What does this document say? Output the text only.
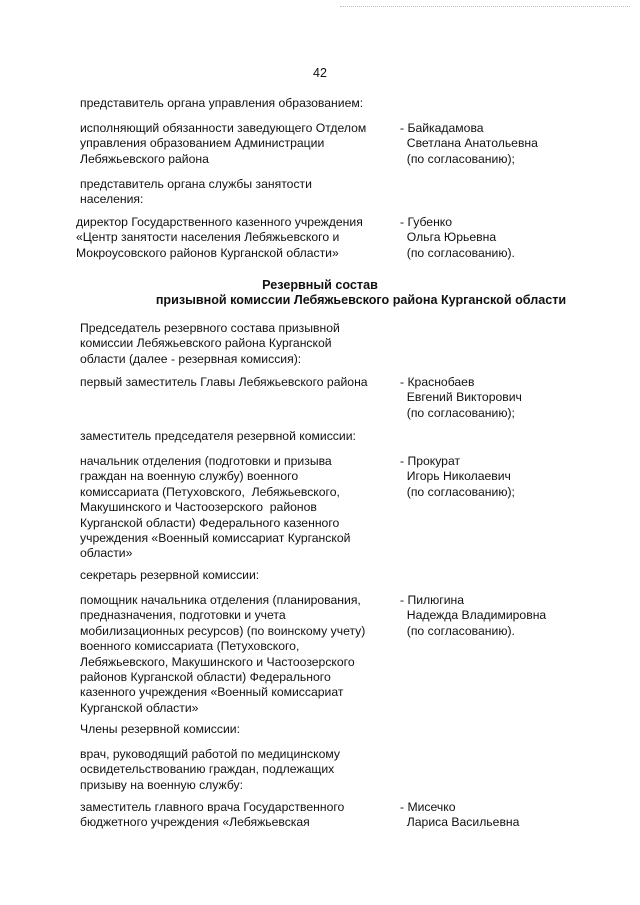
42
представитель органа управления образованием:
исполняющий обязанности заведующего Отделом
управления образованием Администрации
Лебяжьевского района
- Байкадамова
Светлана Анатольевна
(по согласованию);
представитель органа службы занятости
населения:
директор Государственного казенного учреждения
«Центр занятости населения Лебяжьевского и
Мокроусовского районов Курганской области»
- Губенко
Ольга Юрьевна
(по согласованию).
Резервный состав
призывной комиссии Лебяжьевского района Курганской области
Председатель резервного состава призывной
комиссии Лебяжьевского района Курганской
области (далее - резервная комиссия):
первый заместитель Главы Лебяжьевского района	- Краснобаев
Евгений Викторович
(по согласованию);
заместитель председателя резервной комиссии:
начальник отделения (подготовки и призыва
граждан на военную службу) военного
комиссариата (Петуховского,  Лебяжьевского,
Макушинского и Частоозерского  районов
Курганской области) Федерального казенного
учреждения «Военный комиссариат Курганской
области»
- Прокурат
Игорь Николаевич
(по согласованию);
секретарь резервной комиссии:
помощник начальника отделения (планирования,
предназначения, подготовки и учета
мобилизационных ресурсов) (по воинскому учету)
военного комиссариата (Петуховского,
Лебяжьевского, Макушинского и Частоозерского
районов Курганской области) Федерального
казенного учреждения «Военный комиссариат
Курганской области»
- Пилюгина
Надежда Владимировна
(по согласованию).
Члены резервной комиссии:
врач, руководящий работой по медицинскому
освидетельствованию граждан, подлежащих
призыву на военную службу:
заместитель главного врача Государственного
бюджетного учреждения «Лебяжьевская
- Мисечко
Лариса Васильевна
